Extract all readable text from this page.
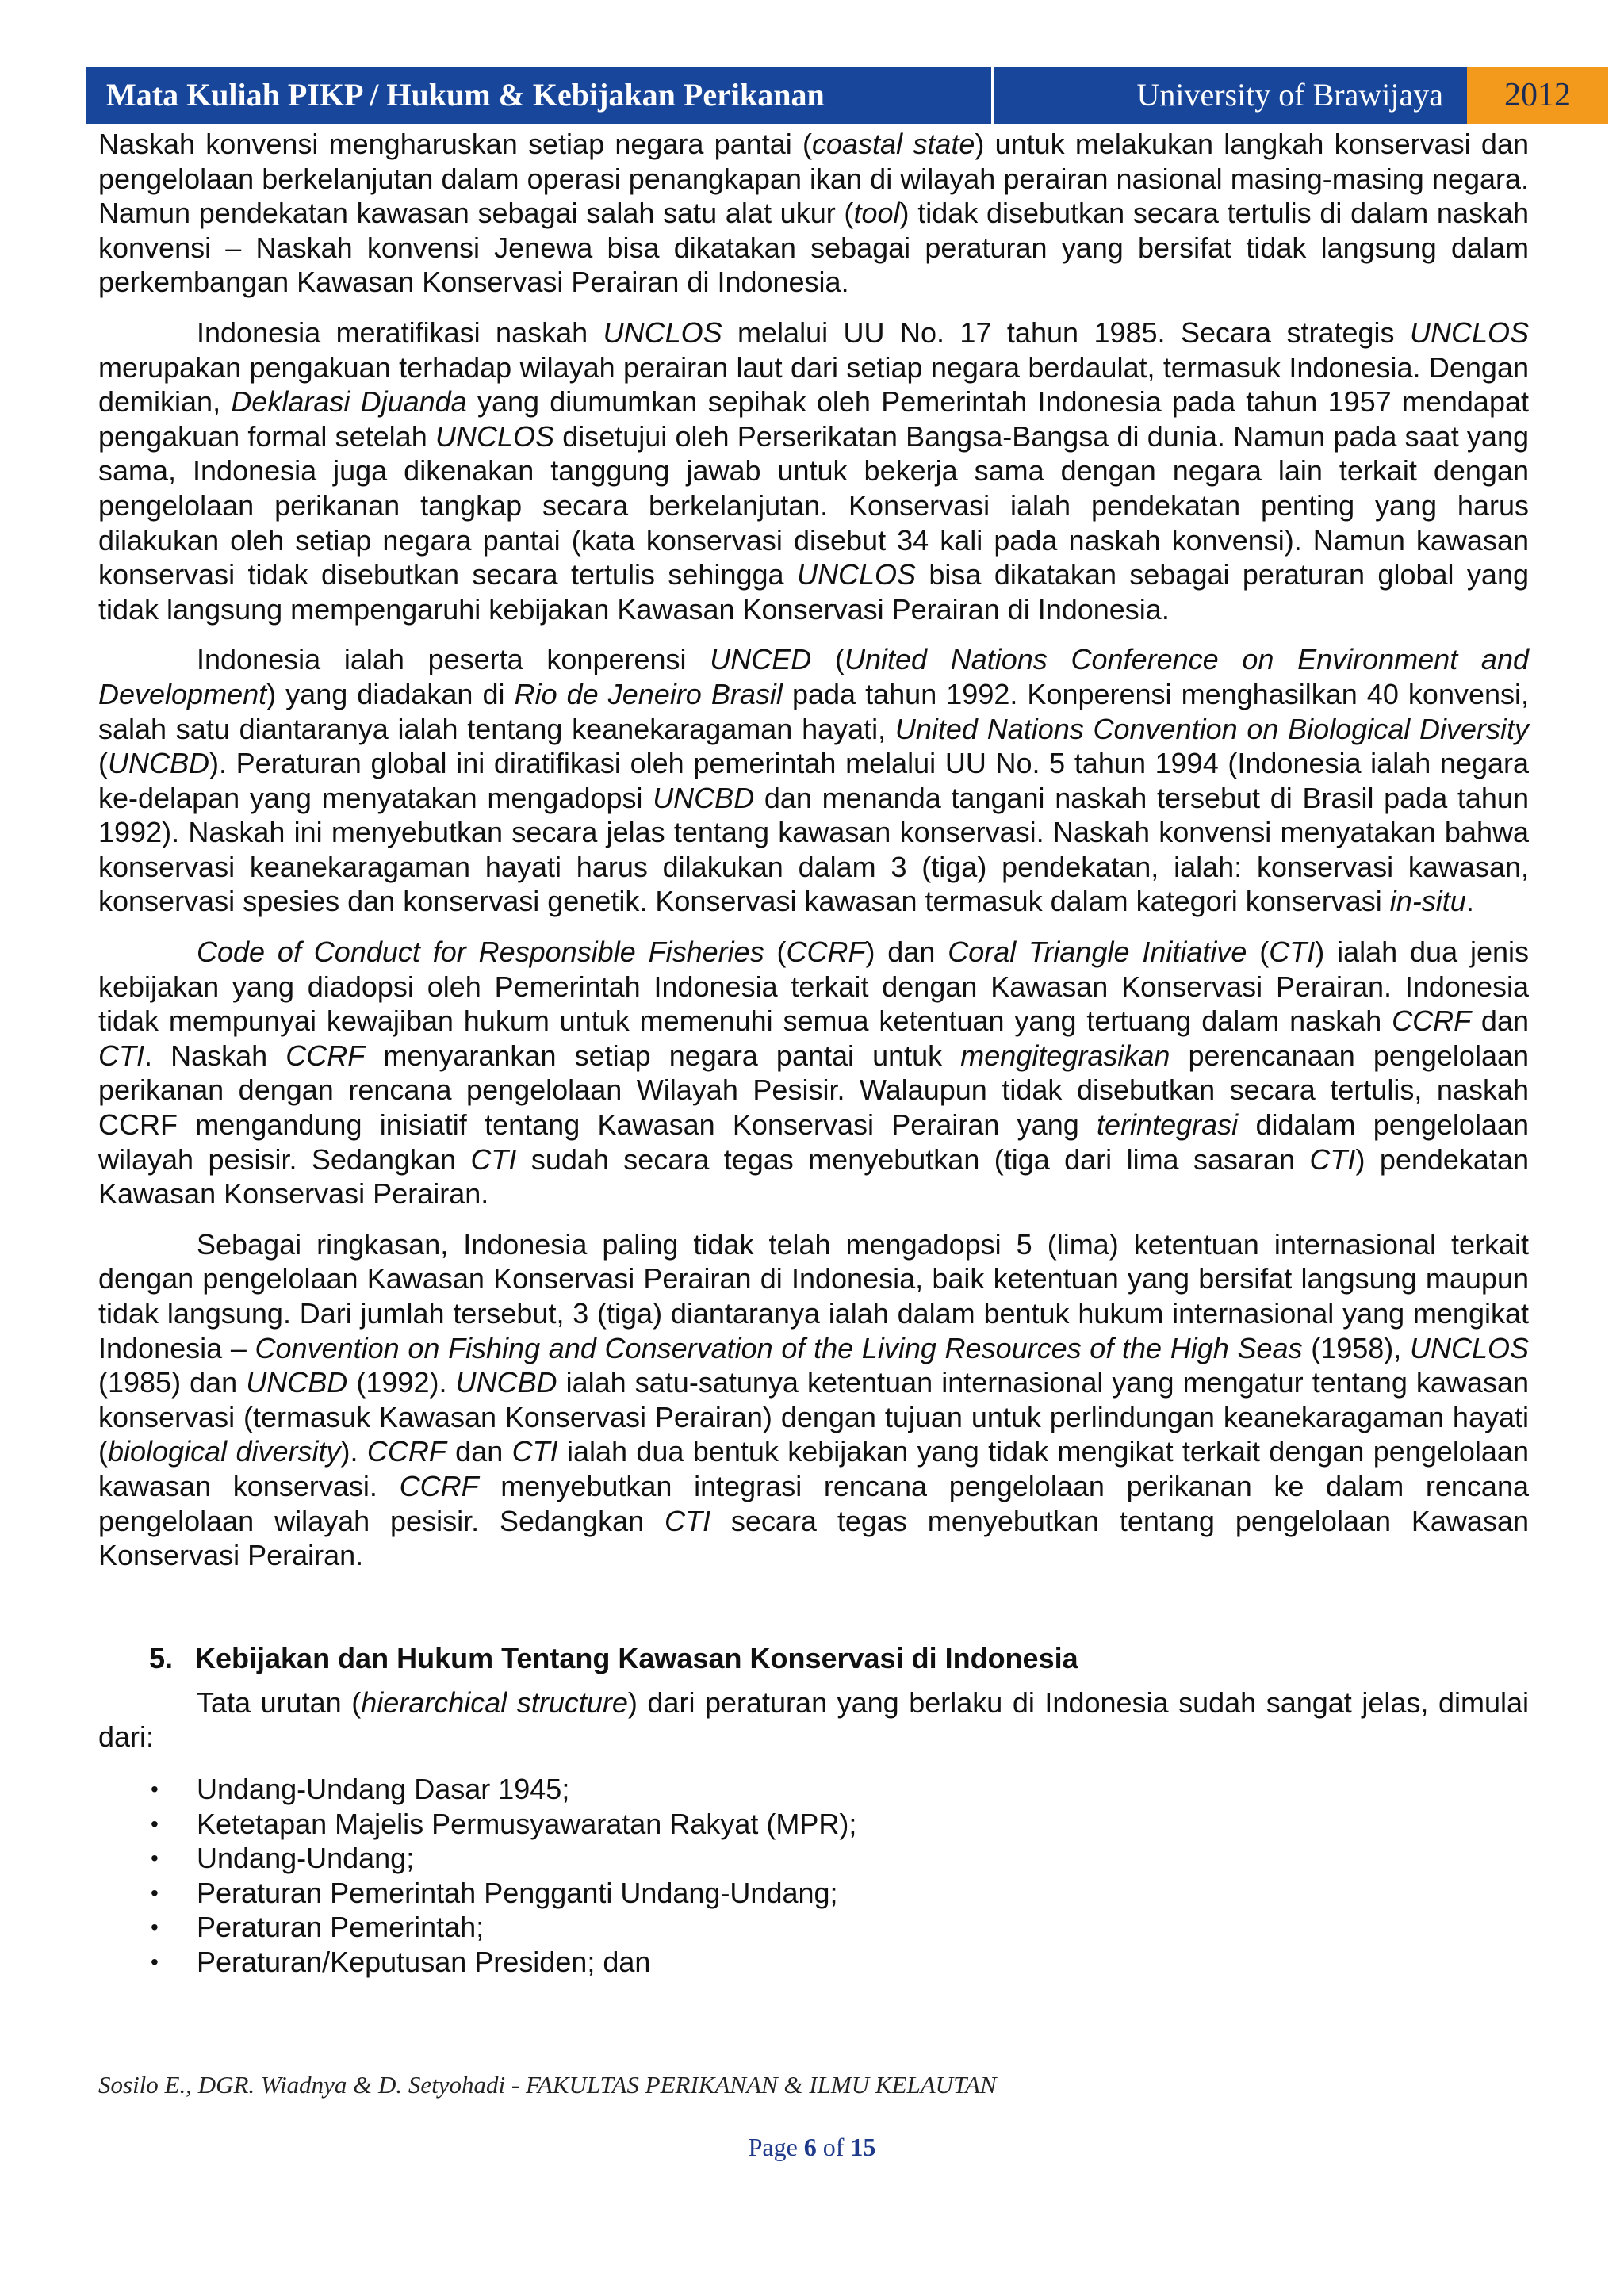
Mata Kuliah PIKP / Hukum & Kebijakan Perikanan	University of Brawijaya	2012

Naskah konvensi mengharuskan setiap negara pantai (coastal state) untuk melakukan langkah konservasi dan pengelolaan berkelanjutan dalam operasi penangkapan ikan di wilayah perairan nasional masing-masing negara. Namun pendekatan kawasan sebagai salah satu alat ukur (tool) tidak disebutkan secara tertulis di dalam naskah konvensi – Naskah konvensi Jenewa bisa dikatakan sebagai peraturan yang bersifat tidak langsung dalam perkembangan Kawasan Konservasi Perairan di Indonesia.

Indonesia meratifikasi naskah UNCLOS melalui UU No. 17 tahun 1985. Secara strategis UNCLOS merupakan pengakuan terhadap wilayah perairan laut dari setiap negara berdaulat, termasuk Indonesia. Dengan demikian, Deklarasi Djuanda yang diumumkan sepihak oleh Pemerintah Indonesia pada tahun 1957 mendapat pengakuan formal setelah UNCLOS disetujui oleh Perserikatan Bangsa-Bangsa di dunia. Namun pada saat yang sama, Indonesia juga dikenakan tanggung jawab untuk bekerja sama dengan negara lain terkait dengan pengelolaan perikanan tangkap secara berkelanjutan. Konservasi ialah pendekatan penting yang harus dilakukan oleh setiap negara pantai (kata konservasi disebut 34 kali pada naskah konvensi). Namun kawasan konservasi tidak disebutkan secara tertulis sehingga UNCLOS bisa dikatakan sebagai peraturan global yang tidak langsung mempengaruhi kebijakan Kawasan Konservasi Perairan di Indonesia.

Indonesia ialah peserta konperensi UNCED (United Nations Conference on Environment and Development) yang diadakan di Rio de Jeneiro Brasil pada tahun 1992. Konperensi menghasilkan 40 konvensi, salah satu diantaranya ialah tentang keanekaragaman hayati, United Nations Convention on Biological Diversity (UNCBD). Peraturan global ini diratifikasi oleh pemerintah melalui UU No. 5 tahun 1994 (Indonesia ialah negara ke-delapan yang menyatakan mengadopsi UNCBD dan menanda tangani naskah tersebut di Brasil pada tahun 1992). Naskah ini menyebutkan secara jelas tentang kawasan konservasi. Naskah konvensi menyatakan bahwa konservasi keanekaragaman hayati harus dilakukan dalam 3 (tiga) pendekatan, ialah: konservasi kawasan, konservasi spesies dan konservasi genetik. Konservasi kawasan termasuk dalam kategori konservasi in-situ.

Code of Conduct for Responsible Fisheries (CCRF) dan Coral Triangle Initiative (CTI) ialah dua jenis kebijakan yang diadopsi oleh Pemerintah Indonesia terkait dengan Kawasan Konservasi Perairan. Indonesia tidak mempunyai kewajiban hukum untuk memenuhi semua ketentuan yang tertuang dalam naskah CCRF dan CTI. Naskah CCRF menyarankan setiap negara pantai untuk mengitegrasikan perencanaan pengelolaan perikanan dengan rencana pengelolaan Wilayah Pesisir. Walaupun tidak disebutkan secara tertulis, naskah CCRF mengandung inisiatif tentang Kawasan Konservasi Perairan yang terintegrasi didalam pengelolaan wilayah pesisir. Sedangkan CTI sudah secara tegas menyebutkan (tiga dari lima sasaran CTI) pendekatan Kawasan Konservasi Perairan.

Sebagai ringkasan, Indonesia paling tidak telah mengadopsi 5 (lima) ketentuan internasional terkait dengan pengelolaan Kawasan Konservasi Perairan di Indonesia, baik ketentuan yang bersifat langsung maupun tidak langsung. Dari jumlah tersebut, 3 (tiga) diantaranya ialah dalam bentuk hukum internasional yang mengikat Indonesia – Convention on Fishing and Conservation of the Living Resources of the High Seas (1958), UNCLOS (1985) dan UNCBD (1992). UNCBD ialah satu-satunya ketentuan internasional yang mengatur tentang kawasan konservasi (termasuk Kawasan Konservasi Perairan) dengan tujuan untuk perlindungan keanekaragaman hayati (biological diversity). CCRF dan CTI ialah dua bentuk kebijakan yang tidak mengikat terkait dengan pengelolaan kawasan konservasi. CCRF menyebutkan integrasi rencana pengelolaan perikanan ke dalam rencana pengelolaan wilayah pesisir. Sedangkan CTI secara tegas menyebutkan tentang pengelolaan Kawasan Konservasi Perairan.

5. Kebijakan dan Hukum Tentang Kawasan Konservasi di Indonesia

Tata urutan (hierarchical structure) dari peraturan yang berlaku di Indonesia sudah sangat jelas, dimulai dari:

• Undang-Undang Dasar 1945;
• Ketetapan Majelis Permusyawaratan Rakyat (MPR);
• Undang-Undang;
• Peraturan Pemerintah Pengganti Undang-Undang;
• Peraturan Pemerintah;
• Peraturan/Keputusan Presiden; dan
Sosilo E., DGR. Wiadnya & D. Setyohadi - FAKULTAS PERIKANAN & ILMU KELAUTAN
Page 6 of 15
